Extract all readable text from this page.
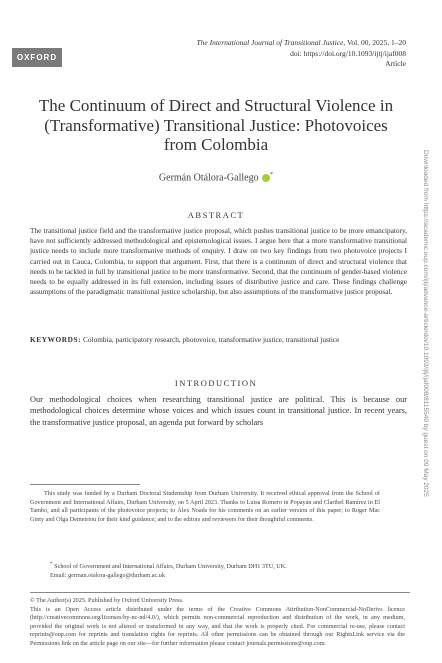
OXFORD
The International Journal of Transitional Justice, Vol. 00, 2025, 1–20
doi: https://doi.org/10.1093/ijtj/ijaf008
Article
Downloaded from https://academic.oup.com/ijtj/advance-article/doi/10.1093/ijtj/ijaf008/8115540 by guest on 09 May 2025
The Continuum of Direct and Structural Violence in (Transformative) Transitional Justice: Photovoices from Colombia
Germán Otálora-Gallego *
ABSTRACT
The transitional justice field and the transformative justice proposal, which pushes transitional justice to be more emancipatory, have not sufficiently addressed methodological and epistemological issues. I argue here that a more transformative transitional justice needs to include more transformative methods of enquiry. I draw on two key findings from two photovoice projects I carried out in Cauca, Colombia, to support that argument. First, that there is a continuum of direct and structural violence that needs to be tackled in full by transitional justice to be more transformative. Second, that the continuum of gender-based violence needs to be equally addressed in its full extension, including issues of distributive justice and care. These findings challenge assumptions of the paradigmatic transitional justice scholarship, but also assumptions of the transformative justice proposal.
KEYWORDS: Colombia, participatory research, photovoice, transformative justice, transitional justice
INTRODUCTION
Our methodological choices when researching transitional justice are political. This is because our methodological choices determine whose voices and which issues count in transitional justice. In recent years, the transformative justice proposal, an agenda put forward by scholars

This study was funded by a Durham Doctoral Studentship from Durham University. It received ethical approval from the School of Government and International Affairs, Durham University, on 5 April 2023. Thanks to Luisa Romero in Popayán and Claribel Ramírez in El Tambo, and all participants of the photovoice projects; to Álex Noads for his comments on an earlier version of this paper; to Roger Mac Ginty and Olga Demetriou for their kind guidance; and to the editors and reviewers for their thoughtful comments.

* School of Government and International Affairs, Durham University, Durham DH1 3TU, UK.
Email: german.otalora-gallego@durham.ac.uk
© The Author(s) 2025. Published by Oxford University Press.
This is an Open Access article distributed under the terms of the Creative Commons Attribution-NonCommercial-NoDerivs licence (http://creativecommons.org/licenses/by-nc-nd/4.0/), which permits non-commercial reproduction and distribution of the work, in any medium, provided the original work is not altered or transformed in any way, and that the work is properly cited. For commercial re-use, please contact reprints@oup.com for reprints and translation rights for reprints. All other permissions can be obtained through our RightsLink service via the Permissions link on the article page on our site—for further information please contact journals.permissions@oup.com.
